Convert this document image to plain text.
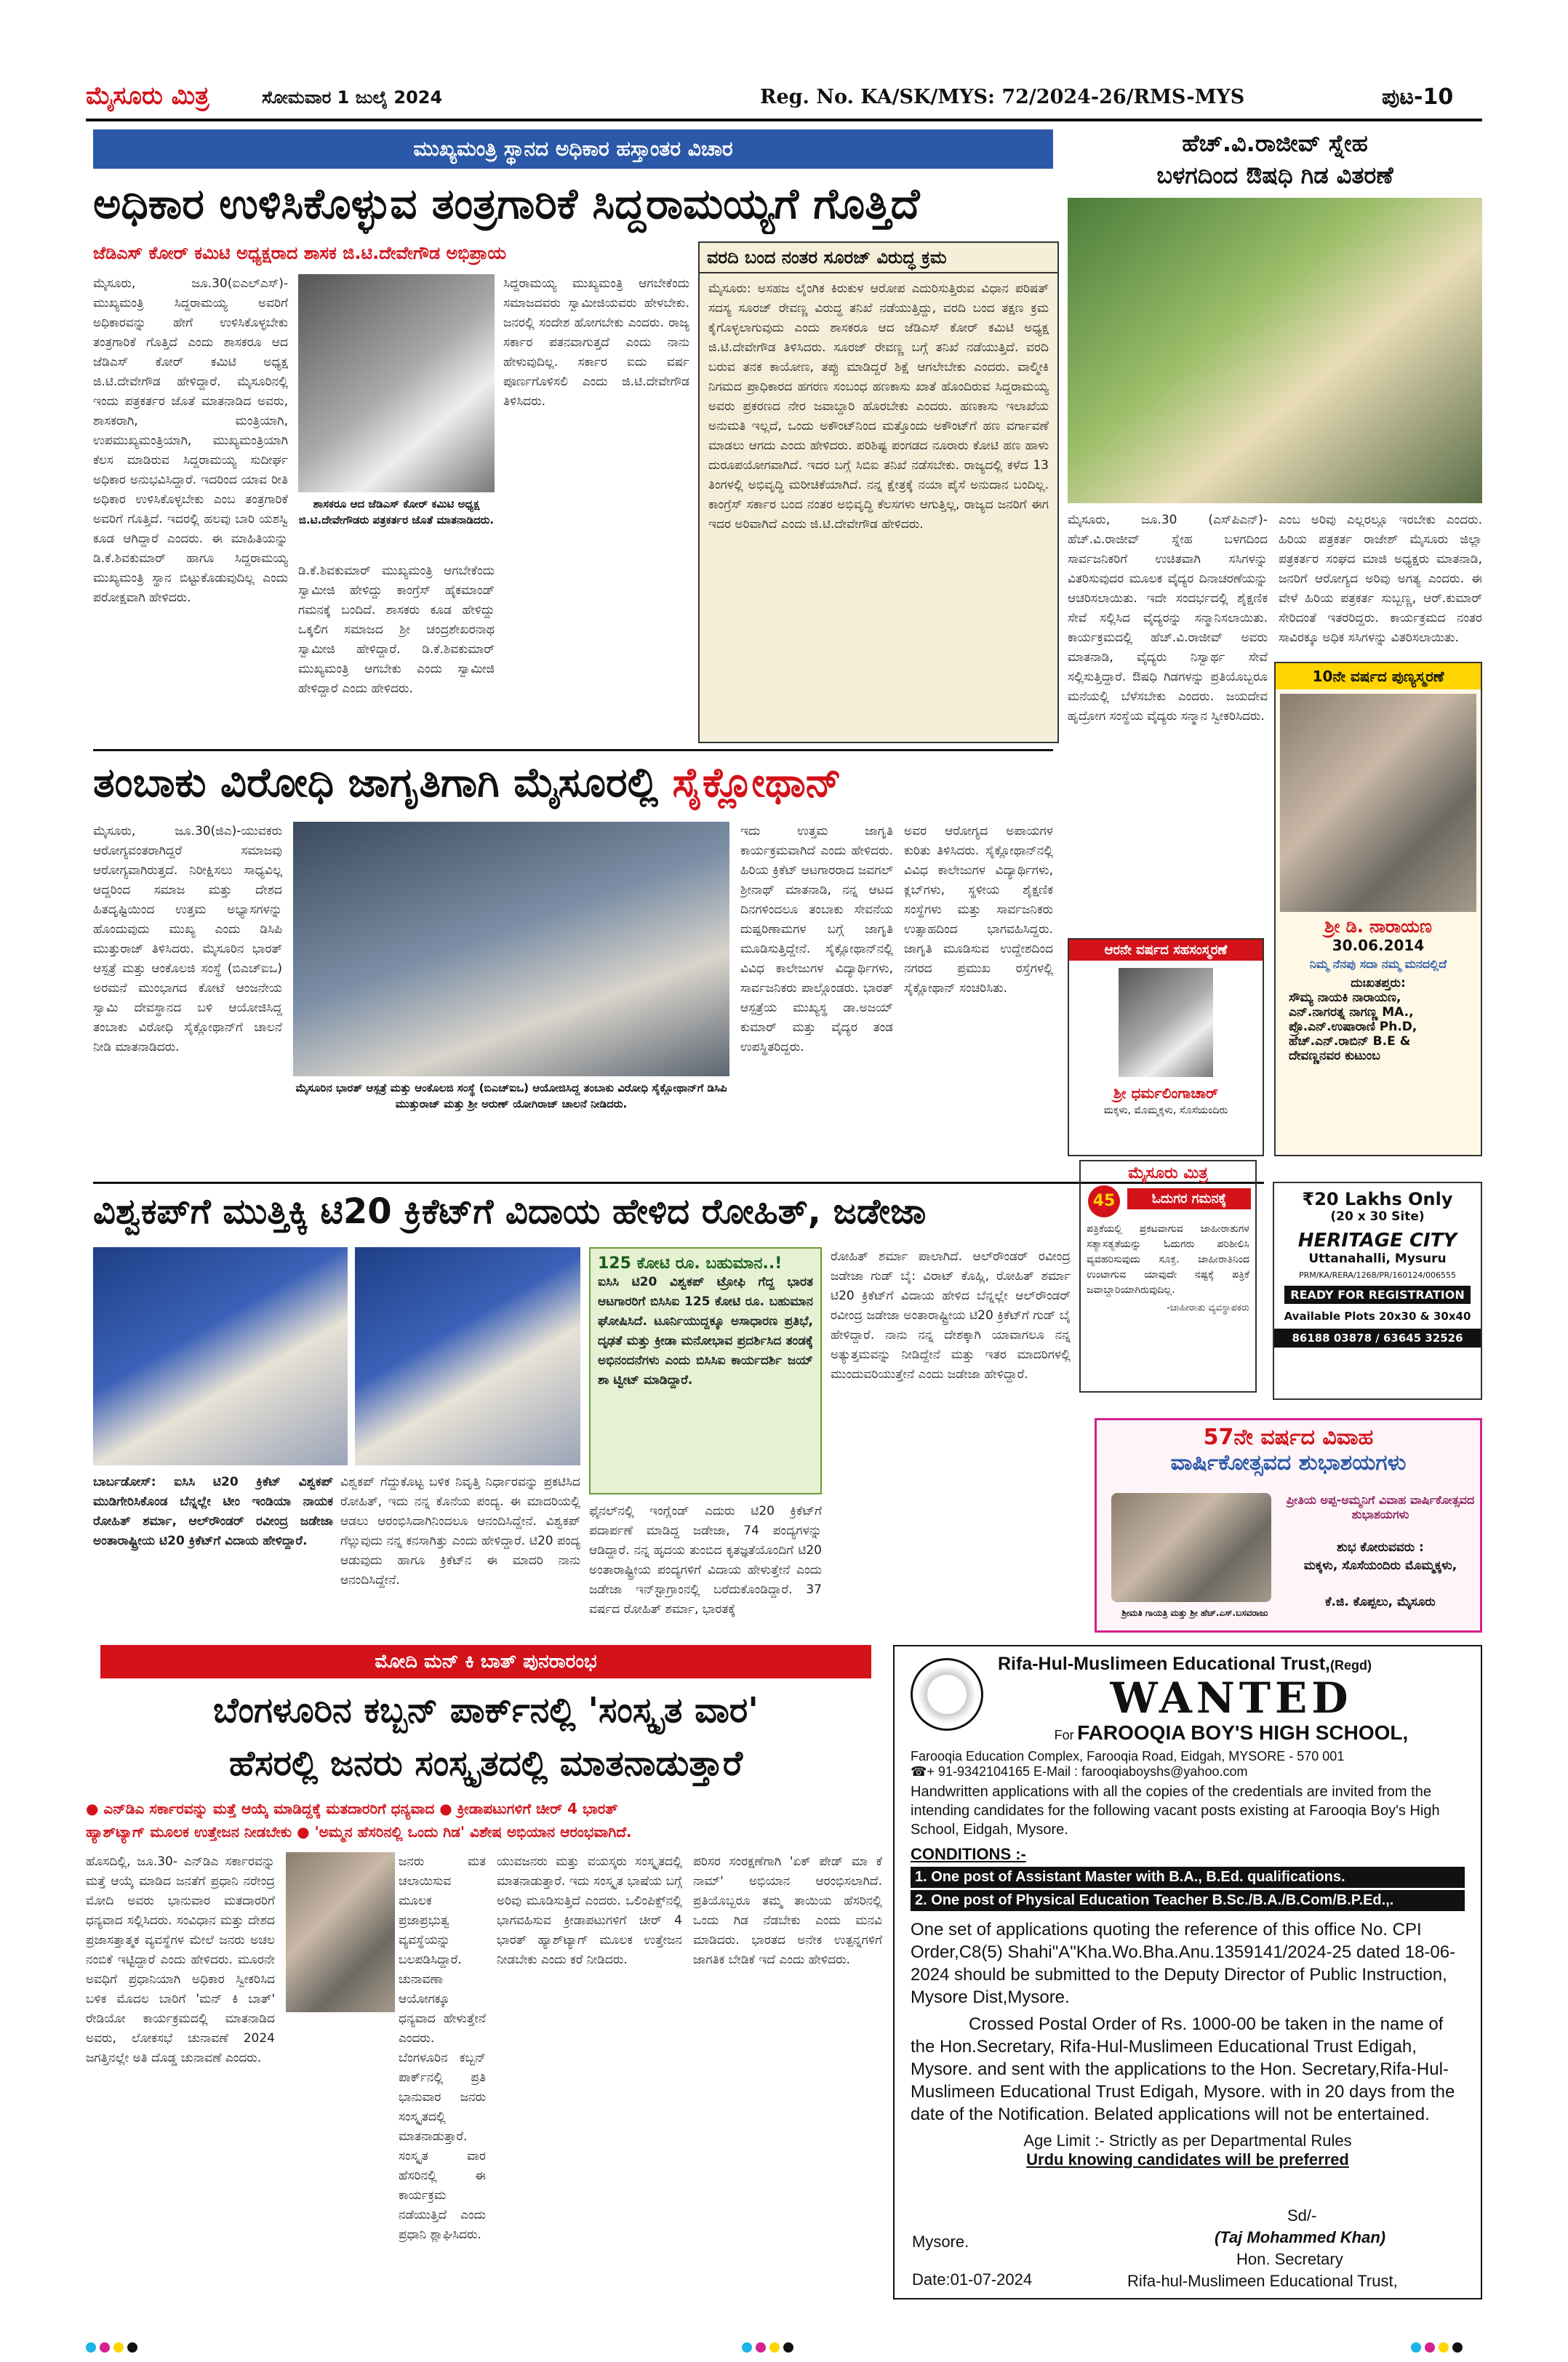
ಮೈಸೂರು ಮಿತ್ರ	ಸೋಮವಾರ 1 ಜುಲೈ 2024	Reg. No. KA/SK/MYS: 72/2024-26/RMS-MYS	ಪುಟ-10
ಮುಖ್ಯಮಂತ್ರಿ ಸ್ಥಾನದ ಅಧಿಕಾರ ಹಸ್ತಾಂತರ ವಿಚಾರ
ಅಧಿಕಾರ ಉಳಿಸಿಕೊಳ್ಳುವ ತಂತ್ರಗಾರಿಕೆ ಸಿದ್ದರಾಮಯ್ಯಗೆ ಗೊತ್ತಿದೆ
ಜೆಡಿಎಸ್ ಕೋರ್ ಕಮಿಟಿ ಅಧ್ಯಕ್ಷರಾದ ಶಾಸಕ ಜಿ.ಟಿ.ದೇವೇಗೌಡ ಅಭಿಪ್ರಾಯ
ಮೈಸೂರು, ಜೂ.30(ಐಎಲ್‌ಎಸ್)- ಮುಖ್ಯಮಂತ್ರಿ ಸಿದ್ದರಾಮಯ್ಯ ಅವರಿಗೆ ಅಧಿಕಾರವನ್ನು ಹೇಗೆ ಉಳಿಸಿಕೊಳ್ಳಬೇಕು ತಂತ್ರಗಾರಿಕೆ ಗೊತ್ತಿದೆ ಎಂದು ಶಾಸಕರೂ ಆದ ಜೆಡಿಎಸ್ ಕೋರ್ ಕಮಿಟಿ ಅಧ್ಯಕ್ಷ ಜಿ.ಟಿ.ದೇವೇಗೌಡ ಹೇಳಿದ್ದಾರೆ. ಮೈಸೂರಿನಲ್ಲಿ ಇಂದು ಪತ್ರಕರ್ತರ ಜೊತೆ ಮಾತನಾಡಿದ ಅವರು, ಶಾಸಕರಾಗಿ, ಮಂತ್ರಿಯಾಗಿ, ಉಪಮುಖ್ಯಮಂತ್ರಿಯಾಗಿ, ಮುಖ್ಯಮಂತ್ರಿಯಾಗಿ ಕೆಲಸ ಮಾಡಿರುವ ಸಿದ್ದರಾಮಯ್ಯ ಸುದೀರ್ಘ ಅಧಿಕಾರ ಅನುಭವಿಸಿದ್ದಾರೆ. ಇದರಿಂದ ಯಾವ ರೀತಿ ಅಧಿಕಾರ ಉಳಿಸಿಕೊಳ್ಳಬೇಕು ಎಂಬ ತಂತ್ರಗಾರಿಕೆ ಅವರಿಗೆ ಗೊತ್ತಿದೆ. ಇದರಲ್ಲಿ ಹಲವು ಬಾರಿ ಯಶಸ್ವಿ ಕೂಡ ಆಗಿದ್ದಾರೆ ಎಂದರು. ಈ ಮಾಹಿತಿಯನ್ನು ಡಿ.ಕೆ.ಶಿವಕುಮಾರ್ ಹಾಗೂ ಸಿದ್ದರಾಮಯ್ಯ ಮುಖ್ಯಮಂತ್ರಿ ಸ್ಥಾನ ಬಿಟ್ಟುಕೊಡುವುದಿಲ್ಲ ಎಂದು ಪರೋಕ್ಷವಾಗಿ ಹೇಳಿದರು.
ಶಾಸಕರೂ ಆದ ಜೆಡಿಎಸ್ ಕೋರ್ ಕಮಿಟಿ ಅಧ್ಯಕ್ಷ ಜಿ.ಟಿ.ದೇವೇಗೌಡರು ಪತ್ರಕರ್ತರ ಜೊತೆ ಮಾತನಾಡಿದರು.
ಡಿ.ಕೆ.ಶಿವಕುಮಾರ್ ಮುಖ್ಯಮಂತ್ರಿ ಆಗಬೇಕೆಂದು ಸ್ವಾಮೀಜಿ ಹೇಳಿದ್ದು ಕಾಂಗ್ರೆಸ್ ಹೈಕಮಾಂಡ್ ಗಮನಕ್ಕೆ ಬಂದಿದೆ. ಶಾಸಕರು ಕೂಡ ಹೇಳಿದ್ದು ಒಕ್ಕಲಿಗ ಸಮಾಜದ ಶ್ರೀ ಚಂದ್ರಶೇಖರನಾಥ ಸ್ವಾಮೀಜಿ ಹೇಳಿದ್ದಾರೆ. ಡಿ.ಕೆ.ಶಿವಕುಮಾರ್ ಮುಖ್ಯಮಂತ್ರಿ ಆಗಬೇಕು ಎಂದು ಸ್ವಾಮೀಜಿ ಹೇಳಿದ್ದಾರೆ ಎಂದು ಹೇಳಿದರು.
ಸಿದ್ದರಾಮಯ್ಯ ಮುಖ್ಯಮಂತ್ರಿ ಆಗಬೇಕೆಂದು ಸಮಾಜದವರು ಸ್ವಾಮೀಜಿಯವರು ಹೇಳಬೇಕು. ಜನರಲ್ಲಿ ಸಂದೇಶ ಹೋಗಬೇಕು ಎಂದರು. ರಾಜ್ಯ ಸರ್ಕಾರ ಪತನವಾಗುತ್ತದೆ ಎಂದು ನಾನು ಹೇಳುವುದಿಲ್ಲ. ಸರ್ಕಾರ ಐದು ವರ್ಷ ಪೂರ್ಣಗೊಳಿಸಲಿ ಎಂದು ಜಿ.ಟಿ.ದೇವೇಗೌಡ ತಿಳಿಸಿದರು.
ವರದಿ ಬಂದ ನಂತರ ಸೂರಜ್ ವಿರುದ್ಧ ಕ್ರಮ
ಮೈಸೂರು: ಅಸಹಜ ಲೈಂಗಿಕ ಕಿರುಕುಳ ಆರೋಪ ಎದುರಿಸುತ್ತಿರುವ ವಿಧಾನ ಪರಿಷತ್ ಸದಸ್ಯ ಸೂರಜ್ ರೇವಣ್ಣ ವಿರುದ್ಧ ತನಿಖೆ ನಡೆಯುತ್ತಿದ್ದು, ವರದಿ ಬಂದ ತಕ್ಷಣ ಕ್ರಮ ಕೈಗೊಳ್ಳಲಾಗುವುದು ಎಂದು ಶಾಸಕರೂ ಆದ ಜೆಡಿಎಸ್ ಕೋರ್ ಕಮಿಟಿ ಅಧ್ಯಕ್ಷ ಜಿ.ಟಿ.ದೇವೇಗೌಡ ತಿಳಿಸಿದರು. ಸೂರಜ್ ರೇವಣ್ಣ ಬಗ್ಗೆ ತನಿಖೆ ನಡೆಯುತ್ತಿದೆ. ವರದಿ ಬರುವ ತನಕ ಕಾಯೋಣ, ತಪ್ಪು ಮಾಡಿದ್ದರೆ ಶಿಕ್ಷೆ ಆಗಲೇಬೇಕು ಎಂದರು. ವಾಲ್ಮೀಕಿ ನಿಗಮದ ಪ್ರಾಧಿಕಾರದ ಹಗರಣ ಸಂಬಂಧ ಹಣಕಾಸು ಖಾತೆ ಹೊಂದಿರುವ ಸಿದ್ದರಾಮಯ್ಯ ಅವರು ಪ್ರಕರಣದ ನೇರ ಜವಾಬ್ದಾರಿ ಹೊರಬೇಕು ಎಂದರು. ಹಣಕಾಸು ಇಲಾಖೆಯ ಅನುಮತಿ ಇಲ್ಲದೆ, ಒಂದು ಅಕೌಂಟ್‌ನಿಂದ ಮತ್ತೊಂದು ಅಕೌಂಟ್‌ಗೆ ಹಣ ವರ್ಗಾವಣೆ ಮಾಡಲು ಆಗದು ಎಂದು ಹೇಳಿದರು. ಪರಿಶಿಷ್ಟ ಪಂಗಡದ ನೂರಾರು ಕೋಟಿ ಹಣ ಹಾಳು ದುರೂಪಯೋಗವಾಗಿದೆ. ಇದರ ಬಗ್ಗೆ ಸಿಬಿಐ ತನಿಖೆ ನಡೆಸಬೇಕು. ರಾಜ್ಯದಲ್ಲಿ ಕಳೆದ 13 ತಿಂಗಳಲ್ಲಿ ಅಭಿವೃದ್ಧಿ ಮರೀಚಿಕೆಯಾಗಿದೆ. ನನ್ನ ಕ್ಷೇತ್ರಕ್ಕೆ ನಯಾ ಪೈಸೆ ಅನುದಾನ ಬಂದಿಲ್ಲ. ಕಾಂಗ್ರೆಸ್ ಸರ್ಕಾರ ಬಂದ ನಂತರ ಅಭಿವೃದ್ಧಿ ಕೆಲಸಗಳು ಆಗುತ್ತಿಲ್ಲ, ರಾಜ್ಯದ ಜನರಿಗೆ ಈಗ ಇದರ ಅರಿವಾಗಿದೆ ಎಂದು ಜಿ.ಟಿ.ದೇವೇಗೌಡ ಹೇಳಿದರು.
ಹೆಚ್.ವಿ.ರಾಜೀವ್ ಸ್ನೇಹ
ಬಳಗದಿಂದ ಔಷಧಿ ಗಿಡ ವಿತರಣೆ
ಮೈಸೂರು, ಜೂ.30 (ಎಸ್‌ಪಿಎನ್)- ಹೆಚ್.ವಿ.ರಾಜೀವ್ ಸ್ನೇಹ ಬಳಗದಿಂದ ಸಾರ್ವಜನಿಕರಿಗೆ ಉಚಿತವಾಗಿ ಸಸಿಗಳನ್ನು ವಿತರಿಸುವುದರ ಮೂಲಕ ವೈದ್ಯರ ದಿನಾಚರಣೆಯನ್ನು ಆಚರಿಸಲಾಯಿತು. ಇದೇ ಸಂದರ್ಭದಲ್ಲಿ ಶೈಕ್ಷಣಿಕ ಸೇವೆ ಸಲ್ಲಿಸಿದ ವೈದ್ಯರನ್ನು ಸನ್ಮಾನಿಸಲಾಯಿತು. ಕಾರ್ಯಕ್ರಮದಲ್ಲಿ ಹೆಚ್.ವಿ.ರಾಜೀವ್ ಅವರು ಮಾತನಾಡಿ, ವೈದ್ಯರು ನಿಸ್ವಾರ್ಥ ಸೇವೆ ಸಲ್ಲಿಸುತ್ತಿದ್ದಾರೆ. ಔಷಧಿ ಗಿಡಗಳನ್ನು ಪ್ರತಿಯೊಬ್ಬರೂ ಮನೆಯಲ್ಲಿ ಬೆಳೆಸಬೇಕು ಎಂದರು. ಜಯದೇವ ಹೃದ್ರೋಗ ಸಂಸ್ಥೆಯ ವೈದ್ಯರು ಸನ್ಮಾನ ಸ್ವೀಕರಿಸಿದರು.
ಎಂಬ ಅರಿವು ಎಲ್ಲರಲ್ಲೂ ಇರಬೇಕು ಎಂದರು. ಹಿರಿಯ ಪತ್ರಕರ್ತ ರಾಜೇಶ್ ಮೈಸೂರು ಜಿಲ್ಲಾ ಪತ್ರಕರ್ತರ ಸಂಘದ ಮಾಜಿ ಅಧ್ಯಕ್ಷರು ಮಾತನಾಡಿ, ಜನರಿಗೆ ಆರೋಗ್ಯದ ಅರಿವು ಅಗತ್ಯ ಎಂದರು. ಈ ವೇಳೆ ಹಿರಿಯ ಪತ್ರಕರ್ತ ಸುಬ್ಬಣ್ಣ, ಆರ್.ಕುಮಾರ್ ಸೇರಿದಂತೆ ಇತರರಿದ್ದರು. ಕಾರ್ಯಕ್ರಮದ ನಂತರ ಸಾವಿರಕ್ಕೂ ಅಧಿಕ ಸಸಿಗಳನ್ನು ವಿತರಿಸಲಾಯಿತು.
ತಂಬಾಕು ವಿರೋಧಿ ಜಾಗೃತಿಗಾಗಿ ಮೈಸೂರಲ್ಲಿ ಸೈಕ್ಲೋಥಾನ್
ಮೈಸೂರು, ಜೂ.30(ಜಿಎ)-ಯುವಕರು ಆರೋಗ್ಯವಂತರಾಗಿದ್ದರೆ ಸಮಾಜವು ಆರೋಗ್ಯವಾಗಿರುತ್ತದೆ. ನಿರೀಕ್ಷಿಸಲು ಸಾಧ್ಯವಿಲ್ಲ ಆದ್ದರಿಂದ ಸಮಾಜ ಮತ್ತು ದೇಶದ ಹಿತದೃಷ್ಟಿಯಿಂದ ಉತ್ತಮ ಅಭ್ಯಾಸಗಳನ್ನು ಹೊಂದುವುದು ಮುಖ್ಯ ಎಂದು ಡಿಸಿಪಿ ಮುತ್ತುರಾಜ್ ತಿಳಿಸಿದರು. ಮೈಸೂರಿನ ಭಾರತ್ ಆಸ್ಪತ್ರೆ ಮತ್ತು ಆಂಕೊಲಜಿ ಸಂಸ್ಥೆ (ಬಿಎಚ್‌ಐಒ) ಅರಮನೆ ಮುಂಭಾಗದ ಕೋಟೆ ಆಂಜನೇಯ ಸ್ವಾಮಿ ದೇವಸ್ಥಾನದ ಬಳಿ ಆಯೋಜಿಸಿದ್ದ ತಂಬಾಕು ವಿರೋಧಿ ಸೈಕ್ಲೋಥಾನ್‌ಗೆ ಚಾಲನೆ ನೀಡಿ ಮಾತನಾಡಿದರು.
ಮೈಸೂರಿನ ಭಾರತ್ ಆಸ್ಪತ್ರೆ ಮತ್ತು ಆಂಕೊಲಜಿ ಸಂಸ್ಥೆ (ಬಿಎಚ್‌ಐಒ) ಆಯೋಜಿಸಿದ್ದ ತಂಬಾಕು ವಿರೋಧಿ ಸೈಕ್ಲೋಥಾನ್‌ಗೆ ಡಿಸಿಪಿ ಮುತ್ತುರಾಜ್ ಮತ್ತು ಶ್ರೀ ಅರುಣ್ ಯೋಗಿರಾಜ್ ಚಾಲನೆ ನೀಡಿದರು.
ಇದು ಉತ್ತಮ ಜಾಗೃತಿ ಕಾರ್ಯಕ್ರಮವಾಗಿದೆ ಎಂದು ಹೇಳಿದರು. ಹಿರಿಯ ಕ್ರಿಕೆಟ್ ಆಟಗಾರರಾದ ಜವಗಲ್ ಶ್ರೀನಾಥ್ ಮಾತನಾಡಿ, ನನ್ನ ಆಟದ ದಿನಗಳಿಂದಲೂ ತಂಬಾಕು ಸೇವನೆಯ ದುಷ್ಪರಿಣಾಮಗಳ ಬಗ್ಗೆ ಜಾಗೃತಿ ಮೂಡಿಸುತ್ತಿದ್ದೇನೆ. ಸೈಕ್ಲೋಥಾನ್‌ನಲ್ಲಿ ವಿವಿಧ ಕಾಲೇಜುಗಳ ವಿದ್ಯಾರ್ಥಿಗಳು, ಸಾರ್ವಜನಿಕರು ಪಾಲ್ಗೊಂಡರು. ಭಾರತ್ ಆಸ್ಪತ್ರೆಯ ಮುಖ್ಯಸ್ಥ ಡಾ.ಅಜಯ್ ಕುಮಾರ್ ಮತ್ತು ವೈದ್ಯರ ತಂಡ ಉಪಸ್ಥಿತರಿದ್ದರು.
ಅವರ ಆರೋಗ್ಯದ ಅಪಾಯಗಳ ಕುರಿತು ತಿಳಿಸಿದರು. ಸೈಕ್ಲೋಥಾನ್‌ನಲ್ಲಿ ವಿವಿಧ ಕಾಲೇಜುಗಳ ವಿದ್ಯಾರ್ಥಿಗಳು, ಕ್ಲಬ್‌ಗಳು, ಸ್ಥಳೀಯ ಶೈಕ್ಷಣಿಕ ಸಂಸ್ಥೆಗಳು ಮತ್ತು ಸಾರ್ವಜನಿಕರು ಉತ್ಸಾಹದಿಂದ ಭಾಗವಹಿಸಿದ್ದರು. ಜಾಗೃತಿ ಮೂಡಿಸುವ ಉದ್ದೇಶದಿಂದ ನಗರದ ಪ್ರಮುಖ ರಸ್ತೆಗಳಲ್ಲಿ ಸೈಕ್ಲೋಥಾನ್ ಸಂಚರಿಸಿತು.
ಆರನೇ ವರ್ಷದ ಸಹಸಂಸ್ಮರಣೆ
ಶ್ರೀ ಧರ್ಮಲಿಂಗಾಚಾರ್
ಮಕ್ಕಳು, ಮೊಮ್ಮಕ್ಕಳು, ಸೊಸೆಯಂದಿರು
10ನೇ ವರ್ಷದ ಪುಣ್ಯಸ್ಮರಣೆ
ಶ್ರೀ ಡಿ. ನಾರಾಯಣ
30.06.2014
ನಿಮ್ಮ ನೆನಪು ಸದಾ ನಮ್ಮ ಮನದಲ್ಲಿದೆ
ದುಃಖತಪ್ತರು:
ಸೌಮ್ಯ ನಾಯಕಿ ನಾರಾಯಣ,
ಎನ್.ನಾಗರತ್ನ ನಾಗಣ್ಣ MA.,
ಪ್ರೊ.ಎನ್.ಉಷಾರಾಣಿ Ph.D,
ಹೆಚ್.ಎನ್.ರಾಬಿನ್ B.E &
ದೇವಣ್ಣನವರ ಕುಟುಂಬ
ವಿಶ್ವಕಪ್‌ಗೆ ಮುತ್ತಿಕ್ಕಿ ಟಿ20 ಕ್ರಿಕೆಟ್‌ಗೆ ವಿದಾಯ ಹೇಳಿದ ರೋಹಿತ್, ಜಡೇಜಾ
ಬಾರ್ಬಡೋಸ್: ಐಸಿಸಿ ಟಿ20 ಕ್ರಿಕೆಟ್ ವಿಶ್ವಕಪ್ ಮುಡಿಗೇರಿಸಿಕೊಂಡ ಬೆನ್ನಲ್ಲೇ ಟೀಂ ಇಂಡಿಯಾ ನಾಯಕ ರೋಹಿತ್ ಶರ್ಮಾ, ಆಲ್‌ರೌಂಡರ್ ರವೀಂದ್ರ ಜಡೇಜಾ ಅಂತಾರಾಷ್ಟ್ರೀಯ ಟಿ20 ಕ್ರಿಕೆಟ್‌ಗೆ ವಿದಾಯ ಹೇಳಿದ್ದಾರೆ.
ವಿಶ್ವಕಪ್ ಗೆದ್ದುಕೊಟ್ಟ ಬಳಿಕ ನಿವೃತ್ತಿ ನಿರ್ಧಾರವನ್ನು ಪ್ರಕಟಿಸಿದ ರೋಹಿತ್, ಇದು ನನ್ನ ಕೊನೆಯ ಪಂದ್ಯ. ಈ ಮಾದರಿಯಲ್ಲಿ ಆಡಲು ಆರಂಭಿಸಿದಾಗಿನಿಂದಲೂ ಆನಂದಿಸಿದ್ದೇನೆ. ವಿಶ್ವಕಪ್ ಗೆಲ್ಲುವುದು ನನ್ನ ಕನಸಾಗಿತ್ತು ಎಂದು ಹೇಳಿದ್ದಾರೆ. ಟಿ20 ಪಂದ್ಯ ಆಡುವುದು ಹಾಗೂ ಕ್ರಿಕೆಟ್‌ನ ಈ ಮಾದರಿ ನಾನು ಆನಂದಿಸಿದ್ದೇನೆ.
125 ಕೋಟಿ ರೂ. ಬಹುಮಾನ..!
ಐಸಿಸಿ ಟಿ20 ವಿಶ್ವಕಪ್ ಟ್ರೋಫಿ ಗೆದ್ದ ಭಾರತ ಆಟಗಾರರಿಗೆ ಬಿಸಿಸಿಐ 125 ಕೋಟಿ ರೂ. ಬಹುಮಾನ ಘೋಷಿಸಿದೆ. ಟೂರ್ನಿಯುದ್ದಕ್ಕೂ ಅಸಾಧಾರಣ ಪ್ರತಿಭೆ, ದೃಢತೆ ಮತ್ತು ಕ್ರೀಡಾ ಮನೋಭಾವ ಪ್ರದರ್ಶಿಸಿದ ತಂಡಕ್ಕೆ ಅಭಿನಂದನೆಗಳು ಎಂದು ಬಿಸಿಸಿಐ ಕಾರ್ಯದರ್ಶಿ ಜಯ್ ಶಾ ಟ್ವೀಟ್ ಮಾಡಿದ್ದಾರೆ.
ಫೈನಲ್‌ನಲ್ಲಿ ಇಂಗ್ಲೆಂಡ್ ಎದುರು ಟಿ20 ಕ್ರಿಕೆಟ್‌ಗೆ ಪದಾರ್ಪಣೆ ಮಾಡಿದ್ದ ಜಡೇಜಾ, 74 ಪಂದ್ಯಗಳನ್ನು ಆಡಿದ್ದಾರೆ. ನನ್ನ ಹೃದಯ ತುಂಬಿದ ಕೃತಜ್ಞತೆಯೊಂದಿಗೆ ಟಿ20 ಅಂತಾರಾಷ್ಟ್ರೀಯ ಪಂದ್ಯಗಳಿಗೆ ವಿದಾಯ ಹೇಳುತ್ತೇನೆ ಎಂದು ಜಡೇಜಾ ಇನ್‌ಸ್ಟಾಗ್ರಾಂನಲ್ಲಿ ಬರೆದುಕೊಂಡಿದ್ದಾರೆ. 37 ವರ್ಷದ ರೋಹಿತ್ ಶರ್ಮಾ, ಭಾರತಕ್ಕೆ
ರೋಹಿತ್ ಶರ್ಮಾ ಪಾಲಾಗಿದೆ. ಆಲ್‌ರೌಂಡರ್ ರವೀಂದ್ರ ಜಡೇಜಾ ಗುಡ್ ಬೈ: ವಿರಾಟ್ ಕೊಹ್ಲಿ, ರೋಹಿತ್ ಶರ್ಮಾ ಟಿ20 ಕ್ರಿಕೆಟ್‌ಗೆ ವಿದಾಯ ಹೇಳಿದ ಬೆನ್ನಲ್ಲೇ ಆಲ್‌ರೌಂಡರ್ ರವೀಂದ್ರ ಜಡೇಜಾ ಅಂತಾರಾಷ್ಟ್ರೀಯ ಟಿ20 ಕ್ರಿಕೆಟ್‌ಗೆ ಗುಡ್ ಬೈ ಹೇಳಿದ್ದಾರೆ. ನಾನು ನನ್ನ ದೇಶಕ್ಕಾಗಿ ಯಾವಾಗಲೂ ನನ್ನ ಅತ್ಯುತ್ತಮವನ್ನು ನೀಡಿದ್ದೇನೆ ಮತ್ತು ಇತರ ಮಾದರಿಗಳಲ್ಲಿ ಮುಂದುವರಿಯುತ್ತೇನೆ ಎಂದು ಜಡೇಜಾ ಹೇಳಿದ್ದಾರೆ.
ಮೈಸೂರು ಮಿತ್ರ
45	ಓದುಗರ ಗಮನಕ್ಕೆ
ಪತ್ರಿಕೆಯಲ್ಲಿ ಪ್ರಕಟವಾಗುವ ಜಾಹೀರಾತುಗಳ ಸತ್ಯಾಸತ್ಯತೆಯನ್ನು ಓದುಗರು ಪರಿಶೀಲಿಸಿ ವ್ಯವಹರಿಸುವುದು ಸೂಕ್ತ. ಜಾಹೀರಾತಿನಿಂದ ಉಂಟಾಗುವ ಯಾವುದೇ ನಷ್ಟಕ್ಕೆ ಪತ್ರಿಕೆ ಜವಾಬ್ದಾರಿಯಾಗಿರುವುದಿಲ್ಲ.
-ಜಾಹೀರಾತು ವ್ಯವಸ್ಥಾಪಕರು
₹20 Lakhs Only
(20 x 30 Site)
HERITAGE CITY
Uttanahalli, Mysuru
PRM/KA/RERA/1268/PR/160124/006555
READY FOR REGISTRATION
Available Plots 20x30 & 30x40
86188 03878 / 63645 32526
57ನೇ ವರ್ಷದ ವಿವಾಹ
ವಾರ್ಷಿಕೋತ್ಸವದ ಶುಭಾಶಯಗಳು
ಪ್ರೀತಿಯ ಅಪ್ಪ-ಅಮ್ಮನಿಗೆ ವಿವಾಹ ವಾರ್ಷಿಕೋತ್ಸವದ ಶುಭಾಶಯಗಳು
ಶುಭ ಕೋರುವವರು :
ಮಕ್ಕಳು, ಸೊಸೆಯಂದಿರು ಮೊಮ್ಮಕ್ಕಳು,
ಕೆ.ಜಿ. ಕೊಪ್ಪಲು, ಮೈಸೂರು
ಶ್ರೀಮತಿ ಗಾಯತ್ರಿ ಮತ್ತು ಶ್ರೀ ಹೆಚ್.ಎಸ್.ಬಸವರಾಜು
ಮೋದಿ ಮನ್ ಕಿ ಬಾತ್ ಪುನರಾರಂಭ
ಬೆಂಗಳೂರಿನ ಕಬ್ಬನ್ ಪಾರ್ಕ್‌ನಲ್ಲಿ 'ಸಂಸ್ಕೃತ ವಾರ'
ಹೆಸರಲ್ಲಿ ಜನರು ಸಂಸ್ಕೃತದಲ್ಲಿ ಮಾತನಾಡುತ್ತಾರೆ
● ಎನ್‌ಡಿಎ ಸರ್ಕಾರವನ್ನು ಮತ್ತೆ ಆಯ್ಕೆ ಮಾಡಿದ್ದಕ್ಕೆ ಮತದಾರರಿಗೆ ಧನ್ಯವಾದ ● ಕ್ರೀಡಾಪಟುಗಳಿಗೆ ಚೀರ್ 4 ಭಾರತ್
ಹ್ಯಾಶ್‌ಟ್ಯಾಗ್ ಮೂಲಕ ಉತ್ತೇಜನ ನೀಡಬೇಕು ● 'ಅಮ್ಮನ ಹೆಸರಿನಲ್ಲಿ ಒಂದು ಗಿಡ' ವಿಶೇಷ ಅಭಿಯಾನ ಆರಂಭವಾಗಿದೆ.
ಹೊಸದಿಲ್ಲಿ, ಜೂ.30- ಎನ್‌ಡಿಎ ಸರ್ಕಾರವನ್ನು ಮತ್ತೆ ಆಯ್ಕೆ ಮಾಡಿದ ಜನತೆಗೆ ಪ್ರಧಾನಿ ನರೇಂದ್ರ ಮೋದಿ ಅವರು ಭಾನುವಾರ ಮತದಾರರಿಗೆ ಧನ್ಯವಾದ ಸಲ್ಲಿಸಿದರು. ಸಂವಿಧಾನ ಮತ್ತು ದೇಶದ ಪ್ರಜಾಸತ್ತಾತ್ಮಕ ವ್ಯವಸ್ಥೆಗಳ ಮೇಲೆ ಜನರು ಅಚಲ ನಂಬಿಕೆ ಇಟ್ಟಿದ್ದಾರೆ ಎಂದು ಹೇಳಿದರು. ಮೂರನೇ ಅವಧಿಗೆ ಪ್ರಧಾನಿಯಾಗಿ ಅಧಿಕಾರ ಸ್ವೀಕರಿಸಿದ ಬಳಿಕ ಮೊದಲ ಬಾರಿಗೆ 'ಮನ್ ಕಿ ಬಾತ್' ರೇಡಿಯೋ ಕಾರ್ಯಕ್ರಮದಲ್ಲಿ ಮಾತನಾಡಿದ ಅವರು, ಲೋಕಸಭೆ ಚುನಾವಣೆ 2024 ಜಗತ್ತಿನಲ್ಲೇ ಅತಿ ದೊಡ್ಡ ಚುನಾವಣೆ ಎಂದರು.
ಜನರು ಮತ ಚಲಾಯಿಸುವ ಮೂಲಕ ಪ್ರಜಾಪ್ರಭುತ್ವ ವ್ಯವಸ್ಥೆಯನ್ನು ಬಲಪಡಿಸಿದ್ದಾರೆ. ಚುನಾವಣಾ ಆಯೋಗಕ್ಕೂ ಧನ್ಯವಾದ ಹೇಳುತ್ತೇನೆ ಎಂದರು. ಬೆಂಗಳೂರಿನ ಕಬ್ಬನ್ ಪಾರ್ಕ್‌ನಲ್ಲಿ ಪ್ರತಿ ಭಾನುವಾರ ಜನರು ಸಂಸ್ಕೃತದಲ್ಲಿ ಮಾತನಾಡುತ್ತಾರೆ. ಸಂಸ್ಕೃತ ವಾರ ಹೆಸರಿನಲ್ಲಿ ಈ ಕಾರ್ಯಕ್ರಮ ನಡೆಯುತ್ತಿದೆ ಎಂದು ಪ್ರಧಾನಿ ಶ್ಲಾಘಿಸಿದರು.
ಯುವಜನರು ಮತ್ತು ವಯಸ್ಕರು ಸಂಸ್ಕೃತದಲ್ಲಿ ಮಾತನಾಡುತ್ತಾರೆ. ಇದು ಸಂಸ್ಕೃತ ಭಾಷೆಯ ಬಗ್ಗೆ ಅರಿವು ಮೂಡಿಸುತ್ತಿದೆ ಎಂದರು. ಒಲಿಂಪಿಕ್ಸ್‌ನಲ್ಲಿ ಭಾಗವಹಿಸುವ ಕ್ರೀಡಾಪಟುಗಳಿಗೆ ಚೀರ್ 4 ಭಾರತ್ ಹ್ಯಾಶ್‌ಟ್ಯಾಗ್ ಮೂಲಕ ಉತ್ತೇಜನ ನೀಡಬೇಕು ಎಂದು ಕರೆ ನೀಡಿದರು.
ಪರಿಸರ ಸಂರಕ್ಷಣೆಗಾಗಿ 'ಏಕ್ ಪೇಡ್ ಮಾ ಕೆ ನಾಮ್' ಅಭಿಯಾನ ಆರಂಭಿಸಲಾಗಿದೆ. ಪ್ರತಿಯೊಬ್ಬರೂ ತಮ್ಮ ತಾಯಿಯ ಹೆಸರಿನಲ್ಲಿ ಒಂದು ಗಿಡ ನೆಡಬೇಕು ಎಂದು ಮನವಿ ಮಾಡಿದರು. ಭಾರತದ ಅನೇಕ ಉತ್ಪನ್ನಗಳಿಗೆ ಜಾಗತಿಕ ಬೇಡಿಕೆ ಇದೆ ಎಂದು ಹೇಳಿದರು.
Rifa-Hul-Muslimeen Educational Trust,(Regd)
WANTED
For FAROOQIA BOY'S HIGH SCHOOL,
Farooqia Education Complex, Farooqia Road, Eidgah, MYSORE - 570 001
☎+ 91-9342104165 E-Mail : farooqiaboyshs@yahoo.com
Handwritten applications with all the copies of the credentials are invited from the intending candidates for the following vacant posts existing at Farooqia Boy's High School, Eidgah, Mysore.
CONDITIONS :-
1. One post of Assistant Master with B.A., B.Ed. qualifications.
2. One post of Physical Education Teacher B.Sc./B.A./B.Com/B.P.Ed.,.
One set of applications quoting the reference of this office No. CPI Order,C8(5) Shahi"A"Kha.Wo.Bha.Anu.1359141/2024-25 dated 18-06-2024 should be submitted to the Deputy Director of Public Instruction, Mysore Dist,Mysore.
Crossed Postal Order of Rs. 1000-00 be taken in the name of the Hon.Secretary, Rifa-Hul-Muslimeen Educational Trust Edigah, Mysore. and sent with the applications to the Hon. Secretary,Rifa-Hul-Muslimeen Educational Trust Edigah, Mysore. with in 20 days from the date of the Notification. Belated applications will not be entertained.
Age Limit :- Strictly as per Departmental Rules
Urdu knowing candidates will be preferred
Mysore.
Date:01-07-2024
Sd/-
(Taj Mohammed Khan)
Hon. Secretary
Rifa-hul-Muslimeen Educational Trust,
